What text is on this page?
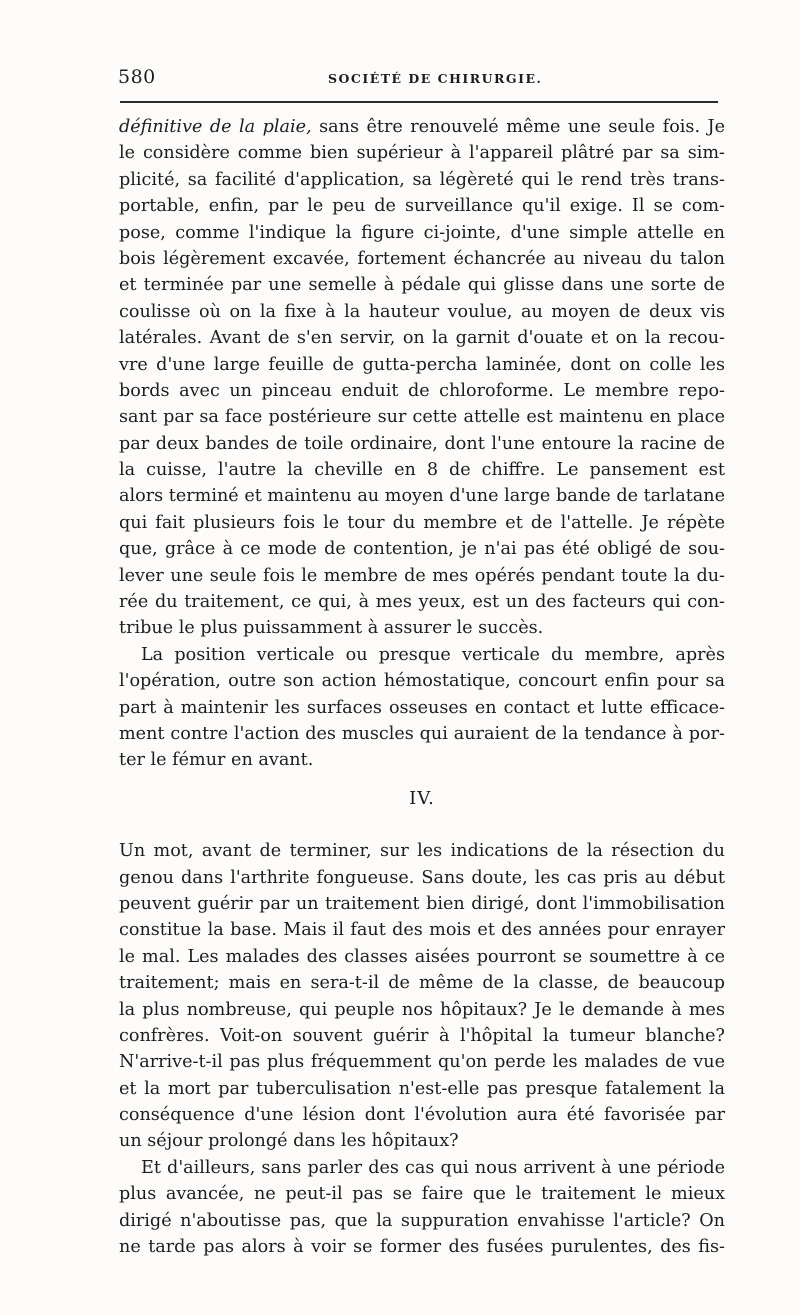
580	SOCIÉTÉ DE CHIRURGIE.
définitive de la plaie, sans être renouvelé même une seule fois. Je
le considère comme bien supérieur à l'appareil plâtré par sa sim-
plicité, sa facilité d'application, sa légèreté qui le rend très trans-
portable, enfin, par le peu de surveillance qu'il exige. Il se com-
pose, comme l'indique la figure ci-jointe, d'une simple attelle en
bois légèrement excavée, fortement échancrée au niveau du talon
et terminée par une semelle à pédale qui glisse dans une sorte de
coulisse où on la fixe à la hauteur voulue, au moyen de deux vis
latérales. Avant de s'en servir, on la garnit d'ouate et on la recou-
vre d'une large feuille de gutta-percha laminée, dont on colle les
bords avec un pinceau enduit de chloroforme. Le membre repo-
sant par sa face postérieure sur cette attelle est maintenu en place
par deux bandes de toile ordinaire, dont l'une entoure la racine de
la cuisse, l'autre la cheville en 8 de chiffre. Le pansement est
alors terminé et maintenu au moyen d'une large bande de tarlatane
qui fait plusieurs fois le tour du membre et de l'attelle. Je répète
que, grâce à ce mode de contention, je n'ai pas été obligé de sou-
lever une seule fois le membre de mes opérés pendant toute la du-
rée du traitement, ce qui, à mes yeux, est un des facteurs qui con-
tribue le plus puissamment à assurer le succès.
La position verticale ou presque verticale du membre, après
l'opération, outre son action hémostatique, concourt enfin pour sa
part à maintenir les surfaces osseuses en contact et lutte efficace-
ment contre l'action des muscles qui auraient de la tendance à por-
ter le fémur en avant.
IV.
Un mot, avant de terminer, sur les indications de la résection du
genou dans l'arthrite fongueuse. Sans doute, les cas pris au début
peuvent guérir par un traitement bien dirigé, dont l'immobilisation
constitue la base. Mais il faut des mois et des années pour enrayer
le mal. Les malades des classes aisées pourront se soumettre à ce
traitement; mais en sera-t-il de même de la classe, de beaucoup
la plus nombreuse, qui peuple nos hôpitaux? Je le demande à mes
confrères. Voit-on souvent guérir à l'hôpital la tumeur blanche?
N'arrive-t-il pas plus fréquemment qu'on perde les malades de vue
et la mort par tuberculisation n'est-elle pas presque fatalement la
conséquence d'une lésion dont l'évolution aura été favorisée par
un séjour prolongé dans les hôpitaux?
Et d'ailleurs, sans parler des cas qui nous arrivent à une période
plus avancée, ne peut-il pas se faire que le traitement le mieux
dirigé n'aboutisse pas, que la suppuration envahisse l'article? On
ne tarde pas alors à voir se former des fusées purulentes, des fis-
